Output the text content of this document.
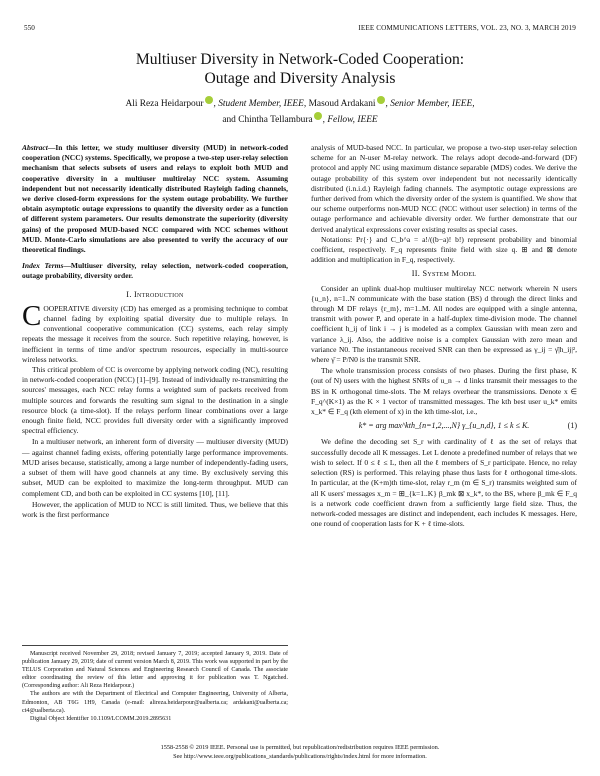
550	IEEE COMMUNICATIONS LETTERS, VOL. 23, NO. 3, MARCH 2019
Multiuser Diversity in Network-Coded Cooperation:
Outage and Diversity Analysis
Ali Reza Heidarpour , Student Member, IEEE, Masoud Ardakani , Senior Member, IEEE,
and Chintha Tellambura , Fellow, IEEE
Abstract—In this letter, we study multiuser diversity (MUD) in network-coded cooperation (NCC) systems. Specifically, we propose a two-step user-relay selection mechanism that selects subsets of users and relays to exploit both MUD and cooperative diversity in a multiuser multirelay NCC system. Assuming independent but not necessarily identically distributed Rayleigh fading channels, we derive closed-form expressions for the system outage probability. We further obtain asymptotic outage expressions to quantify the diversity order as a function of different system parameters. Our results demonstrate the superiority (diversity gains) of the proposed MUD-based NCC compared with NCC schemes without MUD. Monte-Carlo simulations are also presented to verify the accuracy of our theoretical findings.
Index Terms—Multiuser diversity, relay selection, network-coded cooperation, outage probability, diversity order.
I. Introduction

COOPERATIVE diversity (CD) has emerged as a promising technique to combat channel fading by exploiting spatial diversity due to multiple relays. In conventional cooperative communication (CC) systems, each relay simply repeats the message it receives from the source. Such repetitive relaying, however, is inefficient in terms of time and/or spectrum resources, especially in multi-source wireless networks.

This critical problem of CC is overcome by applying network coding (NC), resulting in network-coded cooperation (NCC) [1]–[9]. Instead of individually re-transmitting the sources' messages, each NCC relay forms a weighted sum of packets received from multiple sources and forwards the resulting sum signal to the destination in a single resource block (a time-slot). If the relays perform linear combinations over a large enough finite field, NCC provides full diversity order with a significantly improved spectral efficiency.

In a multiuser network, an inherent form of diversity — multiuser diversity (MUD) — against channel fading exists, offering potentially large performance improvements. MUD arises because, statistically, among a large number of independently-fading users, a subset of them will have good channels at any time. By exclusively serving this subset, MUD can be exploited to maximize the long-term throughput. MUD can complement CD, and both can be exploited in CC systems [10], [11].

However, the application of MUD to NCC is still limited. Thus, we believe that this work is the first performance

Manuscript received November 29, 2018; revised January 7, 2019; accepted January 9, 2019. Date of publication January 29, 2019; date of current version March 8, 2019. This work was supported in part by the TELUS Corporation and Natural Sciences and Engineering Research Council of Canada. The associate editor coordinating the review of this letter and approving it for publication was T. Ngatched. (Corresponding author: Ali Reza Heidarpour.)

The authors are with the Department of Electrical and Computer Engineering, University of Alberta, Edmonton, AB T6G 1H9, Canada (e-mail: alireza.heidarpour@ualberta.ca; ardakani@ualberta.ca; ct4@ualberta.ca).

Digital Object Identifier 10.1109/LCOMM.2019.2895631

analysis of MUD-based NCC. In particular, we propose a two-step user-relay selection scheme for an N-user M-relay network. The relays adopt decode-and-forward (DF) protocol and apply NC using maximum distance separable (MDS) codes. We derive the outage probability of this system over independent but not necessarily identically distributed (i.n.i.d.) Rayleigh fading channels. The asymptotic outage expressions are further derived from which the diversity order of the system is quantified. We show that our scheme outperforms non-MUD NCC (NCC without user selection) in terms of the outage performance and achievable diversity order. We further demonstrate that our derived analytical expressions cover existing results as special cases.

Notations: Pr{·} and C_b^a = a!/((b−a)! b!) represent probability and binomial coefficient, respectively. F_q represents finite field with size q. ⊞ and ⊠ denote addition and multiplication in F_q, respectively.

II. System Model

Consider an uplink dual-hop multiuser multirelay NCC network wherein N users {u_n}, n=1..N communicate with the base station (BS) d through the direct links and through M DF relays {r_m}, m=1..M. All nodes are equipped with a single antenna, transmit with power P, and operate in a half-duplex time-division mode. The channel coefficient h_ij of link i → j is modeled as a complex Gaussian with mean zero and variance λ_ij. Also, the additive noise is a complex Gaussian with zero mean and variance N0. The instantaneous received SNR can then be expressed as γ_ij = γ̄|h_ij|², where γ̄ = P/N0 is the transmit SNR.

The whole transmission process consists of two phases. During the first phase, K (out of N) users with the highest SNRs of u_n → d links transmit their messages to the BS in K orthogonal time-slots. The M relays overhear the transmissions. Denote x ∈ F_q^(K×1) as the K × 1 vector of transmitted messages. The kth best user u_k* emits x_k* ∈ F_q (kth element of x) in the kth time-slot, i.e.,

k* = arg max^kth_{n=1,2,...,N} γ_{u_n,d}, 1 ≤ k ≤ K.	(1)

We define the decoding set S_r with cardinality of ℓ as the set of relays that successfully decode all K messages. Let L denote a predefined number of relays that we wish to select. If 0 ≤ ℓ ≤ L, then all the ℓ members of S_r participate. Hence, no relay selection (RS) is performed. This relaying phase thus lasts for ℓ orthogonal time-slots. In particular, at the (K+m)th time-slot, relay r_m (m ∈ S_r) transmits weighted sum of all K users' messages x_m = ⊞_{k=1..K} β_mk ⊠ x_k*, to the BS, where β_mk ∈ F_q is a network code coefficient drawn from a sufficiently large field size. Thus, the network-coded messages are distinct and independent, each includes K messages. Here, one round of cooperation lasts for K + ℓ time-slots.

1558-2558 © 2019 IEEE. Personal use is permitted, but republication/redistribution requires IEEE permission.
See http://www.ieee.org/publications_standards/publications/rights/index.html for more information.
